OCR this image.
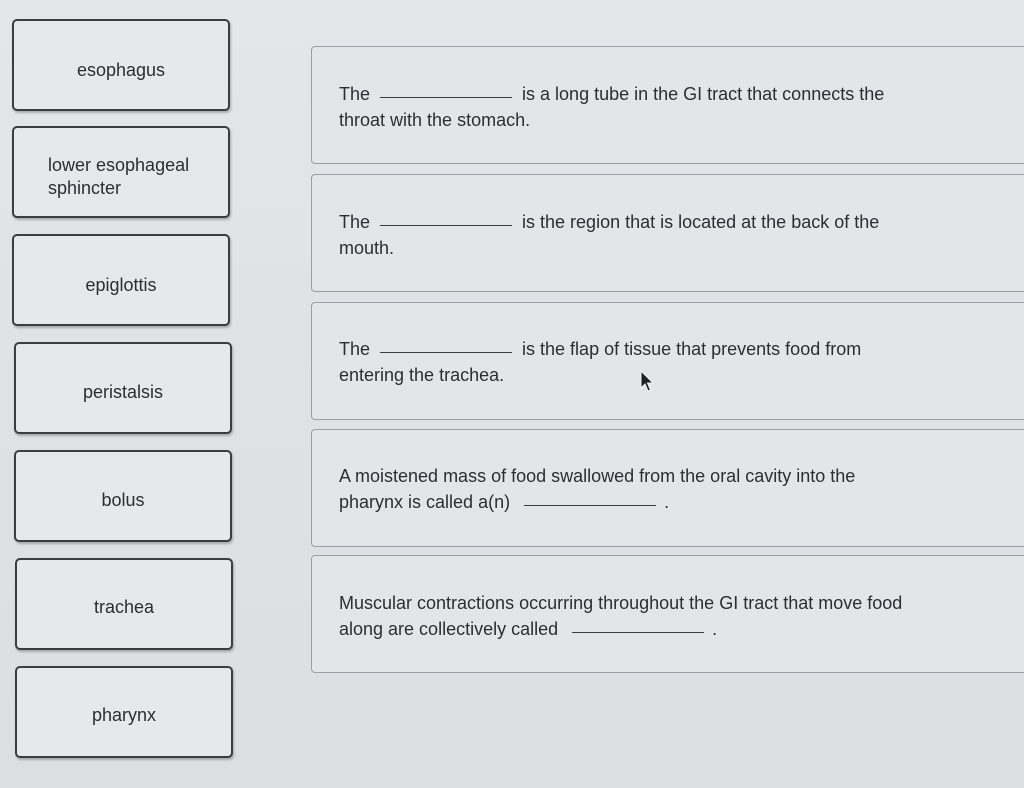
esophagus
lower esophageal
sphincter
epiglottis
peristalsis
bolus
trachea
pharynx
The	is a long tube in the GI tract that connects the
throat with the stomach.
The	is the region that is located at the back of the
mouth.
The	is the flap of tissue that prevents food from
entering the trachea.
A moistened mass of food swallowed from the oral cavity into the
pharynx is called a(n)	.
Muscular contractions occurring throughout the GI tract that move food
along are collectively called	.
